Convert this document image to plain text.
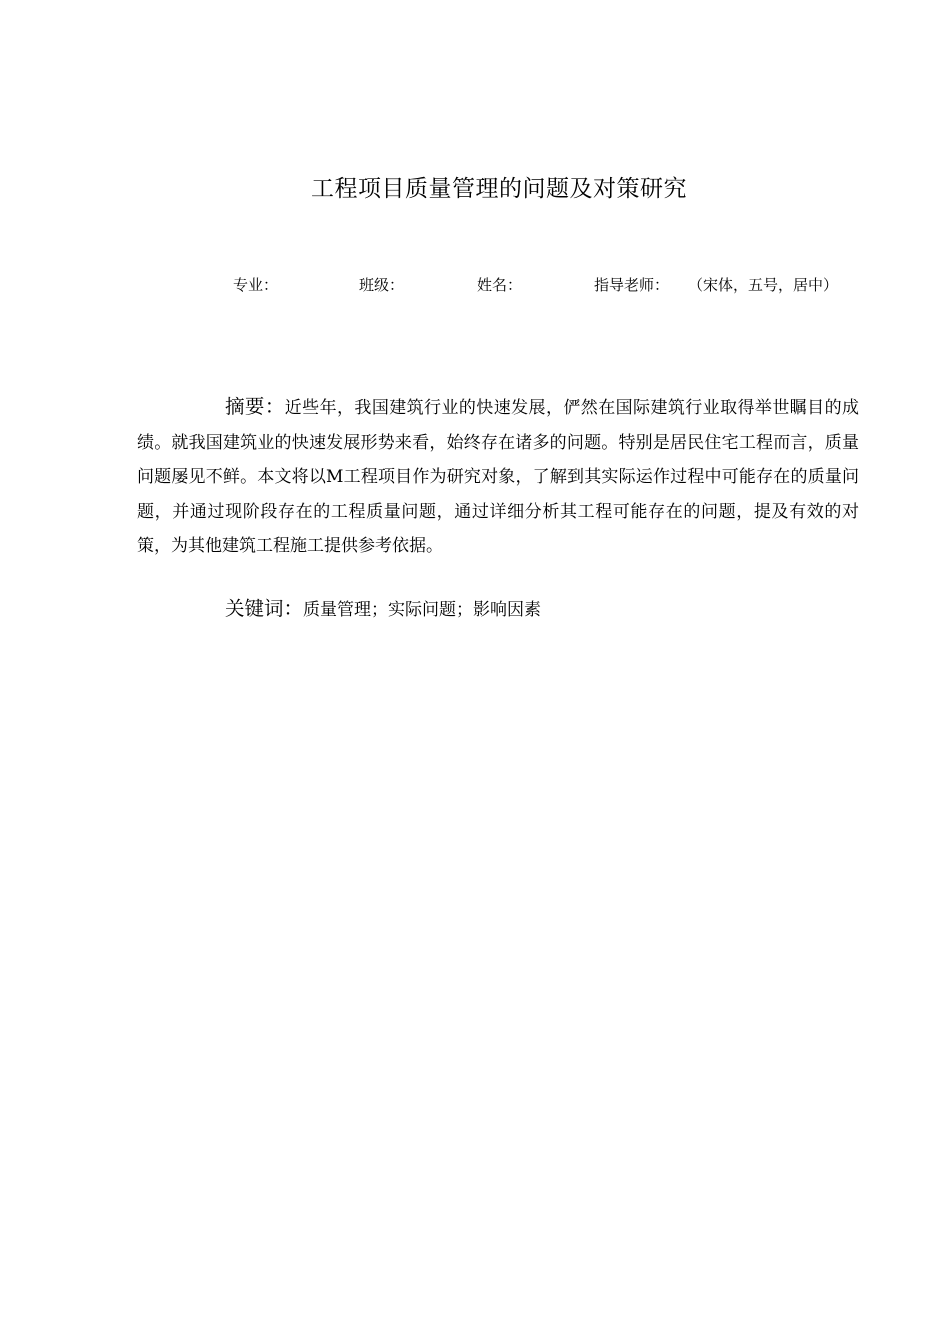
工程项目质量管理的问题及对策研究
专业：	班级：	姓名：	指导老师： （宋体，五号，居中）
摘要：近些年，我国建筑行业的快速发展，俨然在国际建筑行业取得举世瞩目的成绩。就我国建筑业的快速发展形势来看，始终存在诸多的问题。特别是居民住宅工程而言，质量问题屡见不鲜。本文将以M工程项目作为研究对象，了解到其实际运作过程中可能存在的质量问题，并通过现阶段存在的工程质量问题，通过详细分析其工程可能存在的问题，提及有效的对策，为其他建筑工程施工提供参考依据。
关键词：质量管理；实际问题；影响因素
